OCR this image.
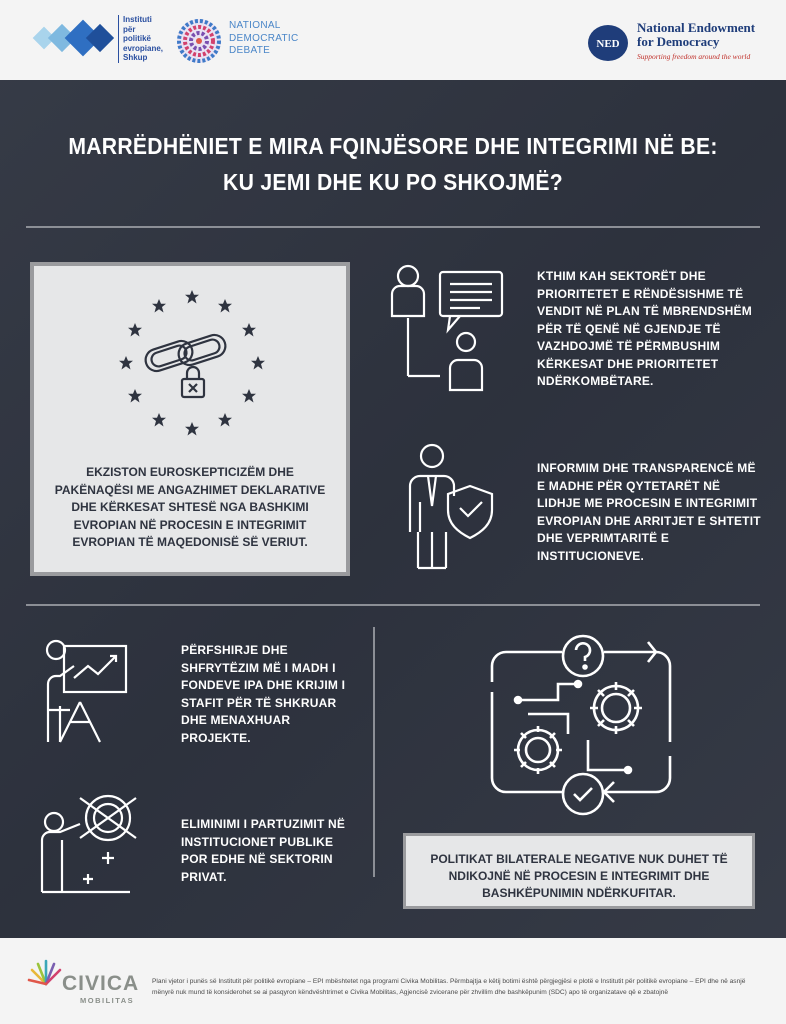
Instituti
për
politikë
evropiane,
Shkup
NATIONAL
DEMOCRATIC
DEBATE
NED
National Endowment
for Democracy
Supporting freedom around the world
MARRËDHËNIET E MIRA FQINJËSORE DHE INTEGRIMI NË BE:
KU JEMI DHE KU PO SHKOJMË?
EKZISTON EUROSKEPTICIZËM DHE PAKËNAQËSI ME ANGAZHIMET DEKLARATIVE DHE KËRKESAT SHTESË NGA BASHKIMI EVROPIAN NË PROCESIN E INTEGRIMIT EVROPIAN TË MAQEDONISË SË VERIUT.
KTHIM KAH SEKTORËT DHE PRIORITETET E RËNDËSISHME TË VENDIT NË PLAN TË MBRENDSHËM PËR TË QENË NË GJENDJE TË VAZHDOJMË TË PËRMBUSHIM KËRKESAT DHE PRIORITETET NDËRKOMBËTARE.
INFORMIM DHE TRANSPARENCË MË E MADHE PËR QYTETARËT NË LIDHJE ME PROCESIN E INTEGRIMIT EVROPIAN DHE ARRITJET E SHTETIT DHE VEPRIMTARITË E INSTITUCIONEVE.
PËRFSHIRJE DHE SHFRYTËZIM MË I MADH I FONDEVE IPA DHE KRIJIM I STAFIT PËR TË SHKRUAR DHE MENAXHUAR PROJEKTE.
ELIMINIMI I PARTUZIMIT NË INSTITUCIONET PUBLIKE POR EDHE NË SEKTORIN PRIVAT.
POLITIKAT BILATERALE NEGATIVE NUK DUHET TË NDIKOJNË NË PROCESIN E INTEGRIMIT DHE BASHKËPUNIMIN NDËRKUFITAR.
CIVICA
MOBILITAS
Plani vjetor i punës së Institutit për politikë evropiane – EPI mbështetet nga programi Civika Mobilitas. Përmbajtja e këtij botimi është përgjegjësi e plotë e Institutit për politikë evropiane – EPI dhe në asnjë mënyrë nuk mund të konsiderohet se ai pasqyron këndvështrimet e Civika Mobilitas, Agjencisë zvicerane për zhvillim dhe bashkëpunim (SDC) apo të organizatave që e zbatojnë
